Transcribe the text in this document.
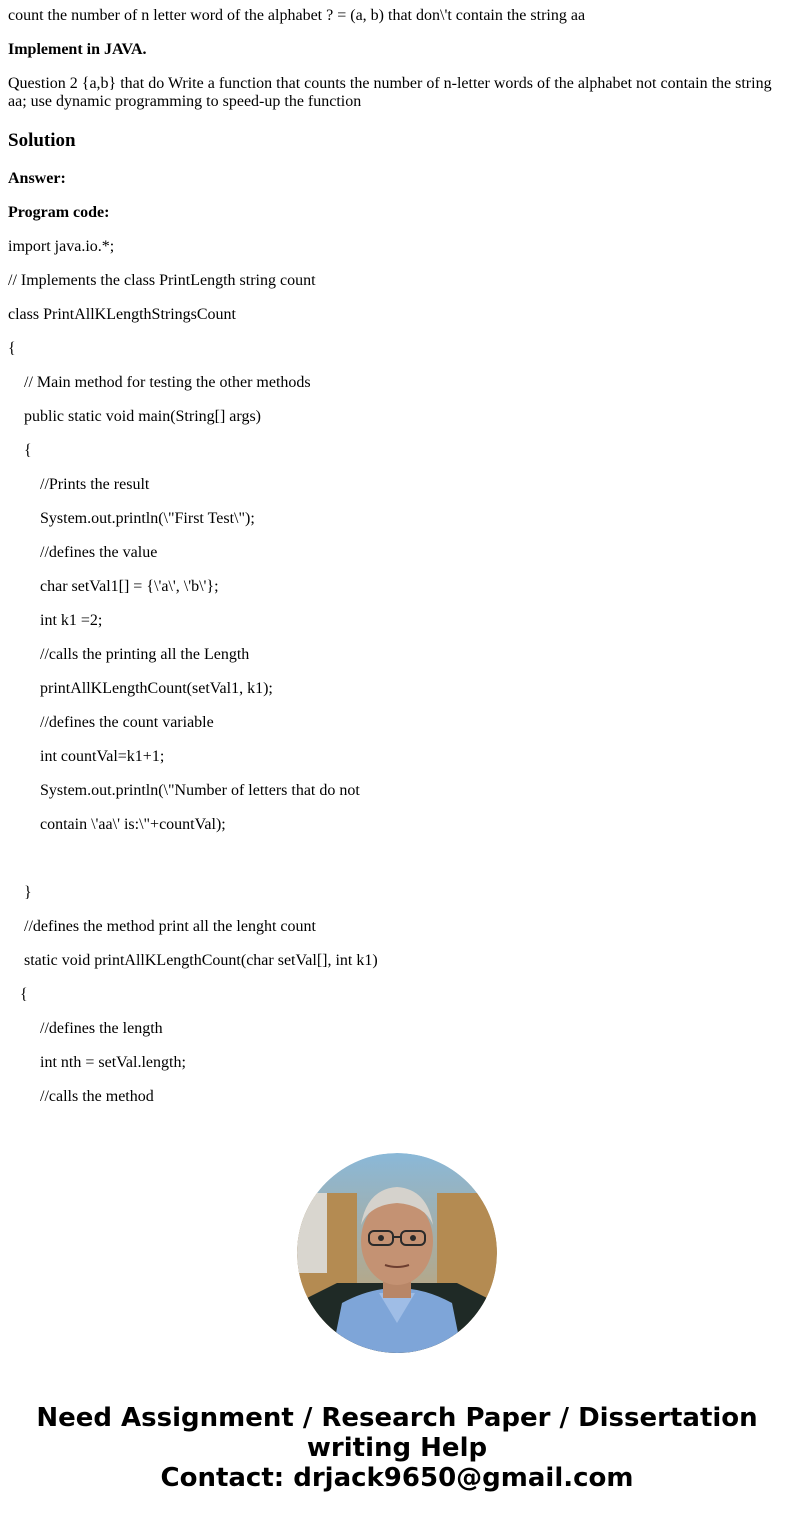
count the number of n letter word of the alphabet ? = (a, b) that don\'t contain the string aa
Implement in JAVA.
Question 2 {a,b} that do Write a function that counts the number of n-letter words of the alphabet not contain the string aa; use dynamic programming to speed-up the function
Solution
Answer:
Program code:
import java.io.*;
// Implements the class PrintLength string count
class PrintAllKLengthStringsCount
{
// Main method for testing the other methods
public static void main(String[] args)
{
//Prints the result
System.out.println(\"First Test\");
//defines the value
char setVal1[] = {\'a\', \'b\'};
int k1 =2;
//calls the printing all the Length
printAllKLengthCount(setVal1, k1);
//defines the count variable
int countVal=k1+1;
System.out.println(\"Number of letters that do not
contain \'aa\' is:\"+countVal);
}
//defines the method print all the lenght count
static void printAllKLengthCount(char setVal[], int k1)
{
//defines the length
int nth = setVal.length;
//calls the method
Need Assignment / Research Paper / Dissertation
writing Help
Contact: drjack9650@gmail.com
